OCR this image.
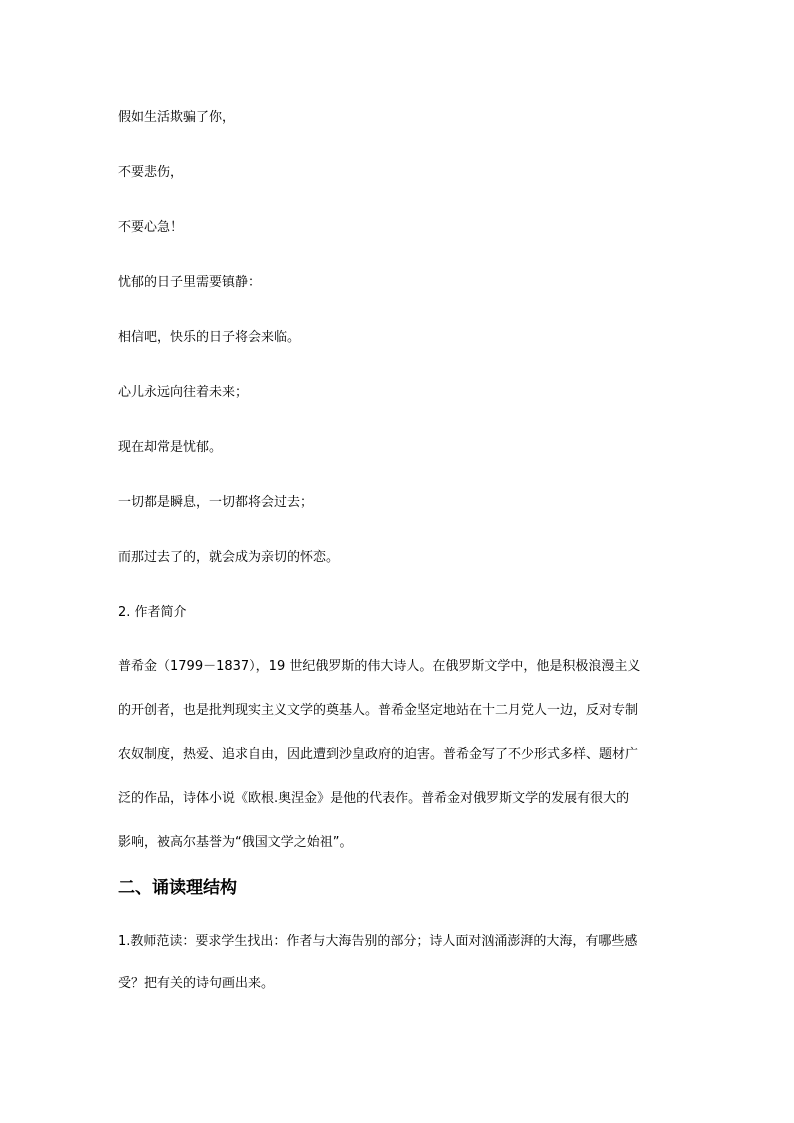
假如生活欺骗了你，
不要悲伤，
不要心急！
忧郁的日子里需要镇静：
相信吧，快乐的日子将会来临。
心儿永远向往着未来；
现在却常是忧郁。
一切都是瞬息，一切都将会过去；
而那过去了的，就会成为亲切的怀恋。
2. 作者简介
普希金（1799－1837），19 世纪俄罗斯的伟大诗人。在俄罗斯文学中，他是积极浪漫主义
的开创者，也是批判现实主义文学的奠基人。普希金坚定地站在十二月党人一边，反对专制
农奴制度，热爱、追求自由，因此遭到沙皇政府的迫害。普希金写了不少形式多样、题材广
泛的作品，诗体小说《欧根.奥涅金》是他的代表作。普希金对俄罗斯文学的发展有很大的
影响，被高尔基誉为“俄国文学之始祖”。
二、诵读理结构
1.教师范读：要求学生找出：作者与大海告别的部分；诗人面对汹涌澎湃的大海，有哪些感
受？把有关的诗句画出来。
